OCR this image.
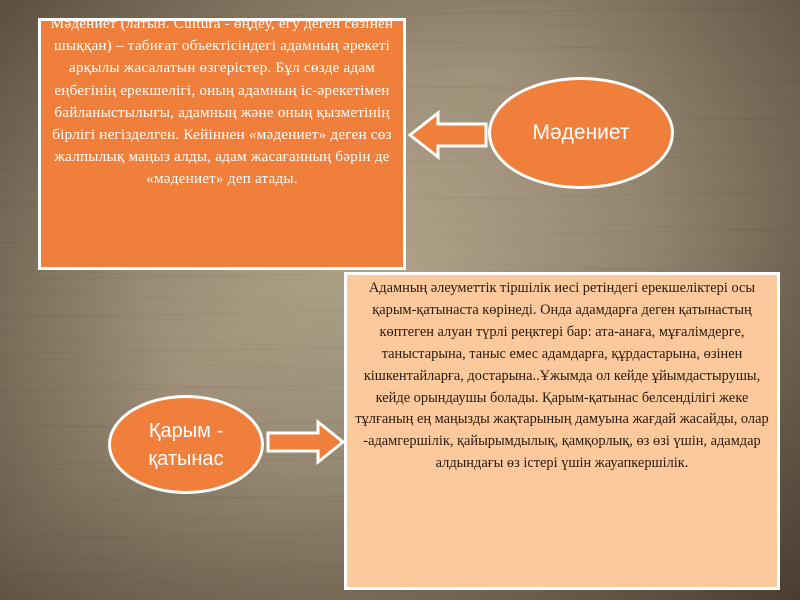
Мәдениет (латын. Cultura - өңдеу, егу деген сөзінен шыққан) – табиғат объектісіндегі адамның әрекеті арқылы жасалатын өзгерістер. Бұл сөзде адам еңбегінің ерекшелігі, оның адамның іс-әрекетімен байланыстылығы, адамның және оның қызметінің бірлігі негізделген. Кейіннен «мәдениет» деген сөз жалпылық маңыз алды, адам жасағанның бәрін де «мәдениет» деп атады.
Мәдениет
Қарым - қатынас
Адамның әлеуметтік тіршілік иесі ретіндегі ерекшеліктері осы қарым-қатынаста көрінеді. Онда адамдарға деген қатынастың көптеген алуан түрлі реңктері бар: ата-анаға, мұғалімдерге, таныстарына, таныс емес адамдарға, құрдастарына, өзінен кішкентайларға, достарына..Ұжымда ол кейде ұйымдастырушы, кейде орындаушы болады. Қарым-қатынас белсенділігі жеке тұлғаның ең маңызды жақтарының дамуына жағдай жасайды, олар -адамгершілік, қайырымдылық, қамқорлық, өз өзі үшін, адамдар алдындағы өз істері үшін жауапкершілік.
